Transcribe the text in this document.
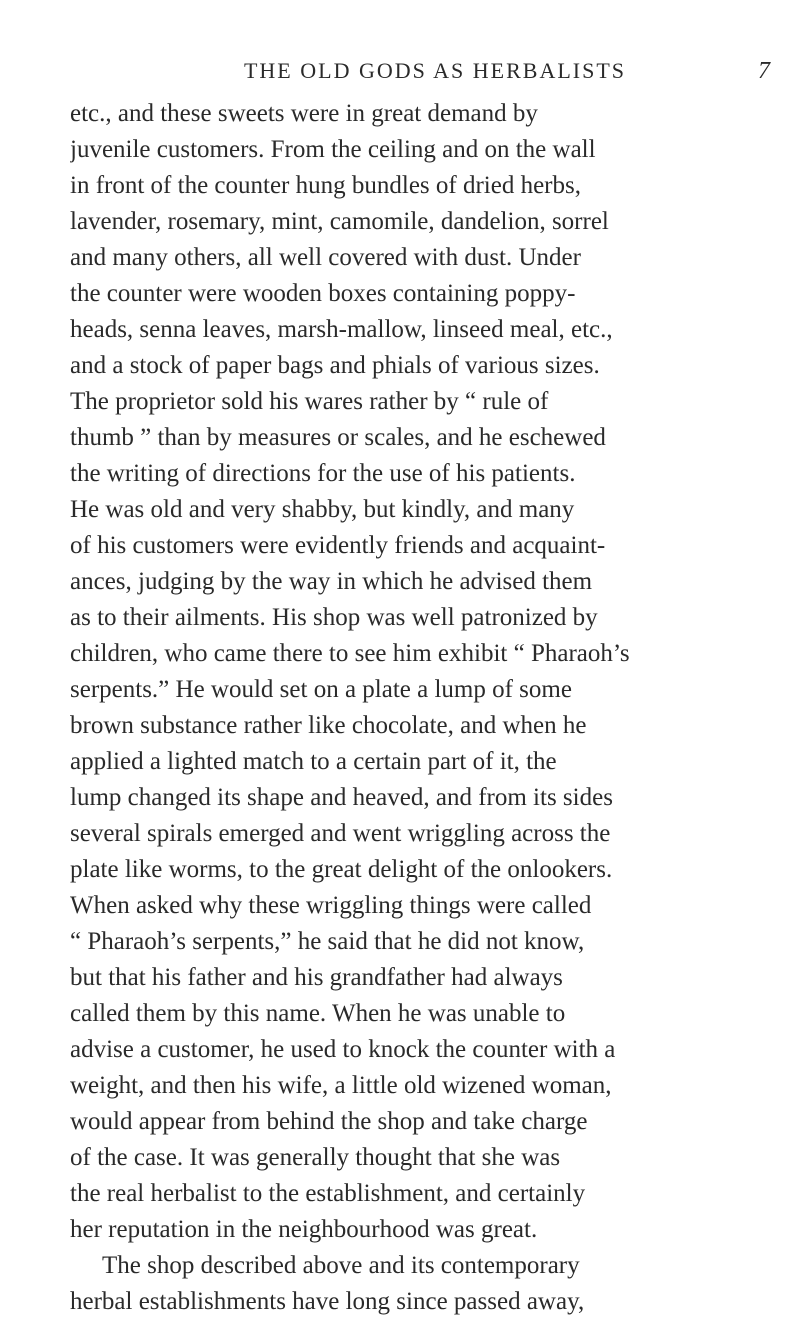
THE OLD GODS AS HERBALISTS	7
etc., and these sweets were in great demand by
juvenile customers. From the ceiling and on the wall
in front of the counter hung bundles of dried herbs,
lavender, rosemary, mint, camomile, dandelion, sorrel
and many others, all well covered with dust. Under
the counter were wooden boxes containing poppy-
heads, senna leaves, marsh-mallow, linseed meal, etc.,
and a stock of paper bags and phials of various sizes.
The proprietor sold his wares rather by “ rule of
thumb ” than by measures or scales, and he eschewed
the writing of directions for the use of his patients.
He was old and very shabby, but kindly, and many
of his customers were evidently friends and acquaint-
ances, judging by the way in which he advised them
as to their ailments. His shop was well patronized by
children, who came there to see him exhibit “ Pharaoh’s
serpents.” He would set on a plate a lump of some
brown substance rather like chocolate, and when he
applied a lighted match to a certain part of it, the
lump changed its shape and heaved, and from its sides
several spirals emerged and went wriggling across the
plate like worms, to the great delight of the onlookers.
When asked why these wriggling things were called
“ Pharaoh’s serpents,” he said that he did not know,
but that his father and his grandfather had always
called them by this name. When he was unable to
advise a customer, he used to knock the counter with a
weight, and then his wife, a little old wizened woman,
would appear from behind the shop and take charge
of the case. It was generally thought that she was
the real herbalist to the establishment, and certainly
her reputation in the neighbourhood was great.
The shop described above and its contemporary
herbal establishments have long since passed away,
